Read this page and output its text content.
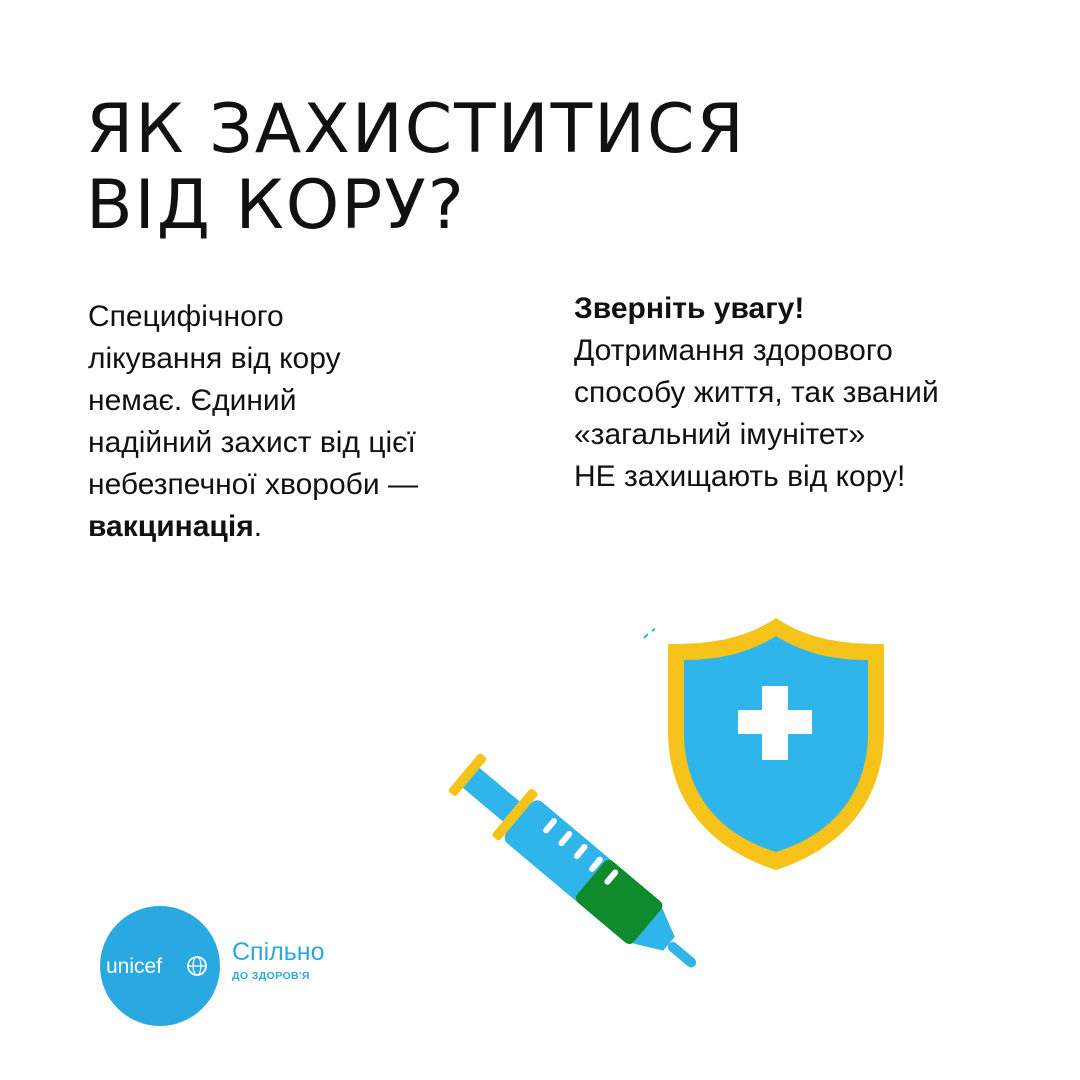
ЯК ЗАХИСТИТИСЯ
ВІД КОРУ?

Специфічного
лікування від кору
немає. Єдиний
надійний захист від цієї
небезпечної хвороби —
вакцинація.

Зверніть увагу!
Дотримання здорового
способу життя, так званий
«загальний імунітет»
НЕ захищають від кору!

unicef
Спільно
ДО ЗДОРОВ'Я
